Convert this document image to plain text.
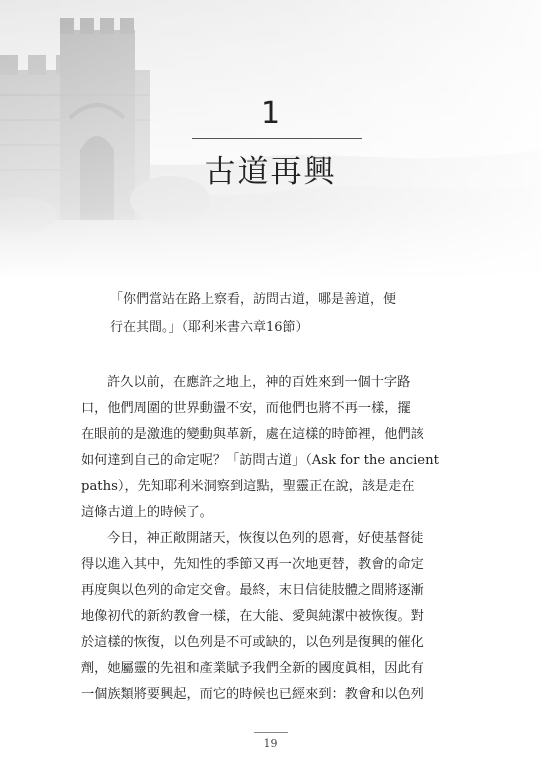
1
古道再興
「你們當站在路上察看，訪問古道，哪是善道，便
行在其間。」（耶利米書六章16節）
許久以前，在應許之地上，神的百姓來到一個十字路
口，他們周圍的世界動盪不安，而他們也將不再一樣，擺
在眼前的是激進的變動與革新，處在這樣的時節裡，他們該
如何達到自己的命定呢？「訪問古道」（Ask for the ancient
paths），先知耶利米洞察到這點，聖靈正在說，該是走在
這條古道上的時候了。
今日，神正敞開諸天，恢復以色列的恩膏，好使基督徒
得以進入其中，先知性的季節又再一次地更替，教會的命定
再度與以色列的命定交會。最終，末日信徒肢體之間將逐漸
地像初代的新約教會一樣，在大能、愛與純潔中被恢復。對
於這樣的恢復，以色列是不可或缺的，以色列是復興的催化
劑，她屬靈的先祖和產業賦予我們全新的國度眞相，因此有
一個族類將要興起，而它的時候也已經來到：教會和以色列
19
